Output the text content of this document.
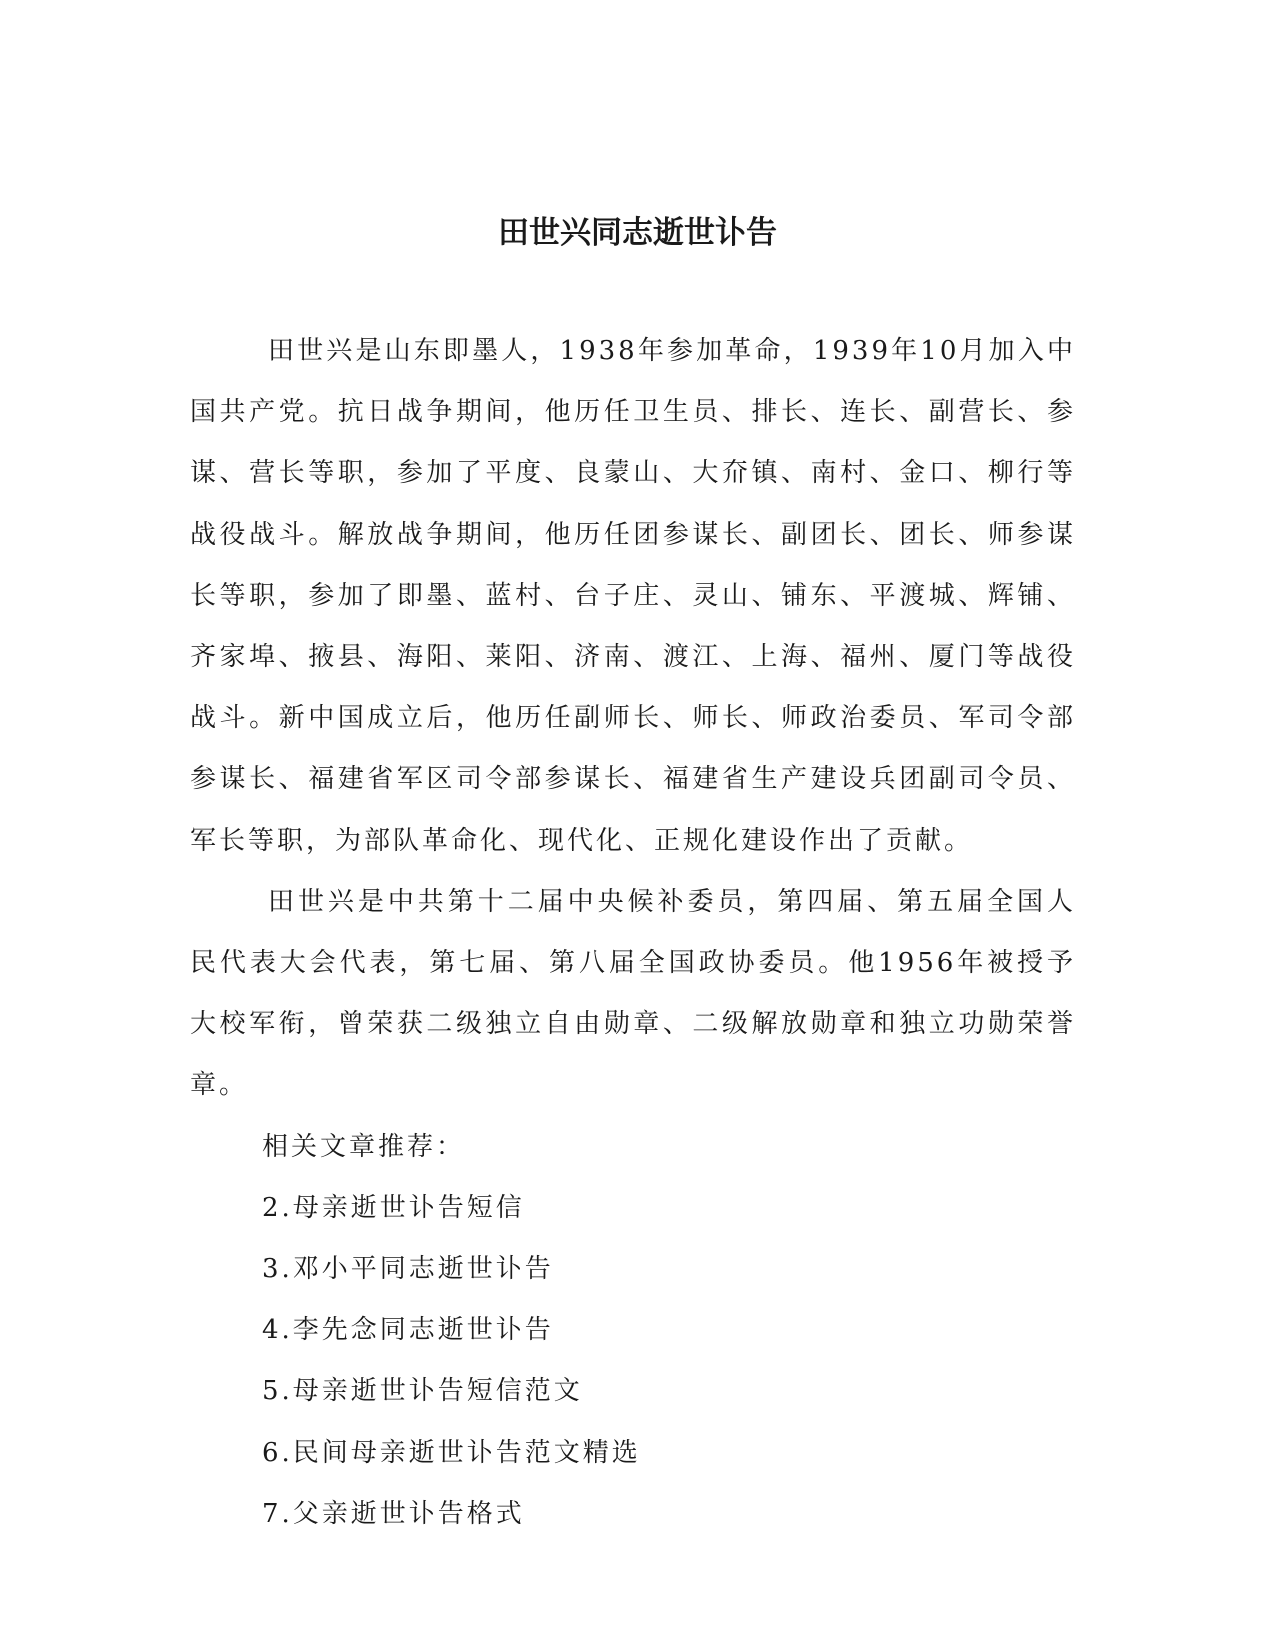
田世兴同志逝世讣告

田世兴是山东即墨人，1938年参加革命，1939年10月加入中国共产党。抗日战争期间，他历任卫生员、排长、连长、副营长、参谋、营长等职，参加了平度、良蒙山、大夼镇、南村、金口、柳行等战役战斗。解放战争期间，他历任团参谋长、副团长、团长、师参谋长等职，参加了即墨、蓝村、台子庄、灵山、铺东、平渡城、辉铺、齐家埠、掖县、海阳、莱阳、济南、渡江、上海、福州、厦门等战役战斗。新中国成立后，他历任副师长、师长、师政治委员、军司令部参谋长、福建省军区司令部参谋长、福建省生产建设兵团副司令员、军长等职，为部队革命化、现代化、正规化建设作出了贡献。

田世兴是中共第十二届中央候补委员，第四届、第五届全国人民代表大会代表，第七届、第八届全国政协委员。他1956年被授予大校军衔，曾荣获二级独立自由勋章、二级解放勋章和独立功勋荣誉章。

相关文章推荐：

2.母亲逝世讣告短信
3.邓小平同志逝世讣告
4.李先念同志逝世讣告
5.母亲逝世讣告短信范文
6.民间母亲逝世讣告范文精选
7.父亲逝世讣告格式
